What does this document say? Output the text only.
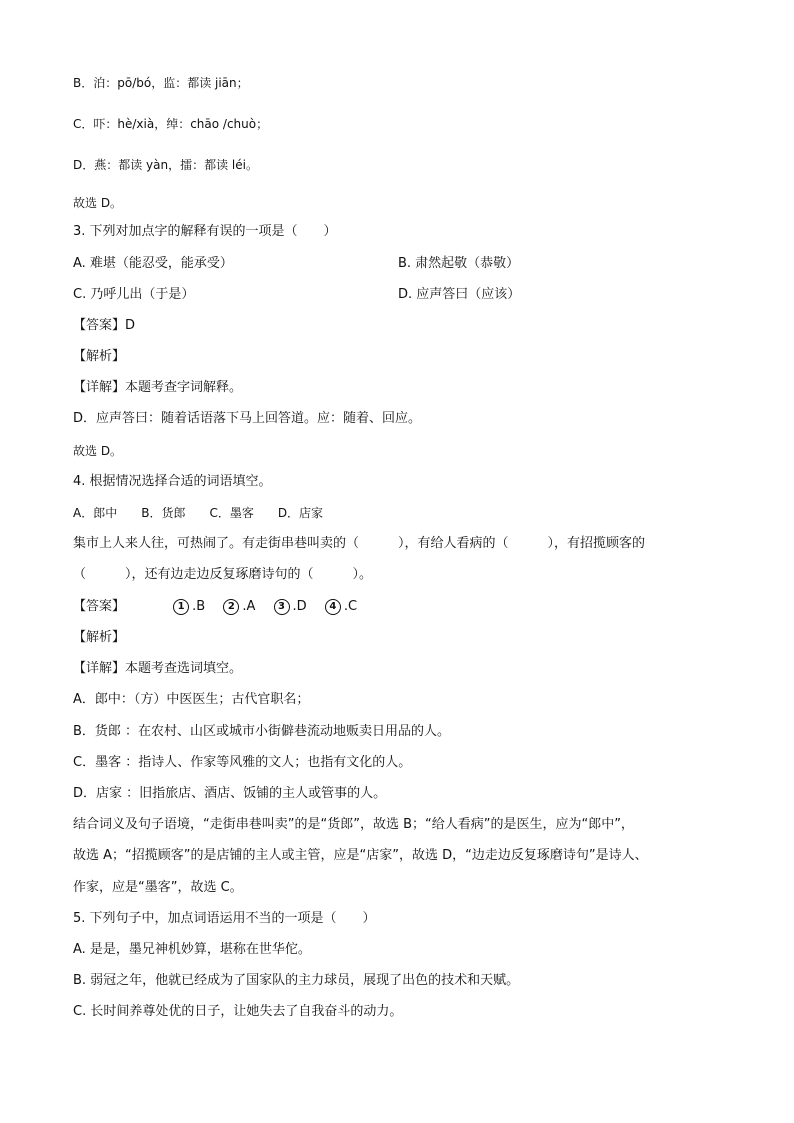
B．泊：pō/bó，监：都读 jiān；
C．吓：hè/xià，绰：chāo /chuò；
D．燕：都读 yàn，擂：都读 léi。
故选 D。
3. 下列对加点字的解释有误的一项是（　　）
A. 难堪（能忍受，能承受）	B. 肃然起敬（恭敬）
C. 乃呼儿出（于是）	D. 应声答曰（应该）
【答案】D
【解析】
【详解】本题考查字词解释。
D．应声答曰：随着话语落下马上回答道。应：随着、回应。
故选 D。
4. 根据情况选择合适的词语填空。
A．郎中　　B．货郎　　C．墨客　　D．店家
集市上人来人往，可热闹了。有走街串巷叫卖的（　　　），有给人看病的（　　　），有招揽顾客的
（　　　），还有边走边反复琢磨诗句的（　　　）。
【答案】	1 .B 2 .A 3 .D 4 .C
【解析】
【详解】本题考查选词填空。
A．郎中：（方）中医医生；古代官职名；
B．货郎 ：在农村、山区或城市小街僻巷流动地贩卖日用品的人。
C．墨客 ：指诗人、作家等风雅的文人；也指有文化的人。
D．店家 ：旧指旅店、酒店、饭铺的主人或管事的人。
结合词义及句子语境，“走街串巷叫卖”的是“货郎”，故选 B；“给人看病”的是医生，应为“郎中”，
故选 A；“招揽顾客”的是店铺的主人或主管，应是“店家”，故选 D，“边走边反复琢磨诗句”是诗人、
作家，应是“墨客”，故选 C。
5. 下列句子中，加点词语运用不当的一项是（　　）
A. 是是，墨兄神机妙算，堪称在世华佗。
B. 弱冠之年，他就已经成为了国家队的主力球员，展现了出色的技术和天赋。
C. 长时间养尊处优的日子，让她失去了自我奋斗的动力。
